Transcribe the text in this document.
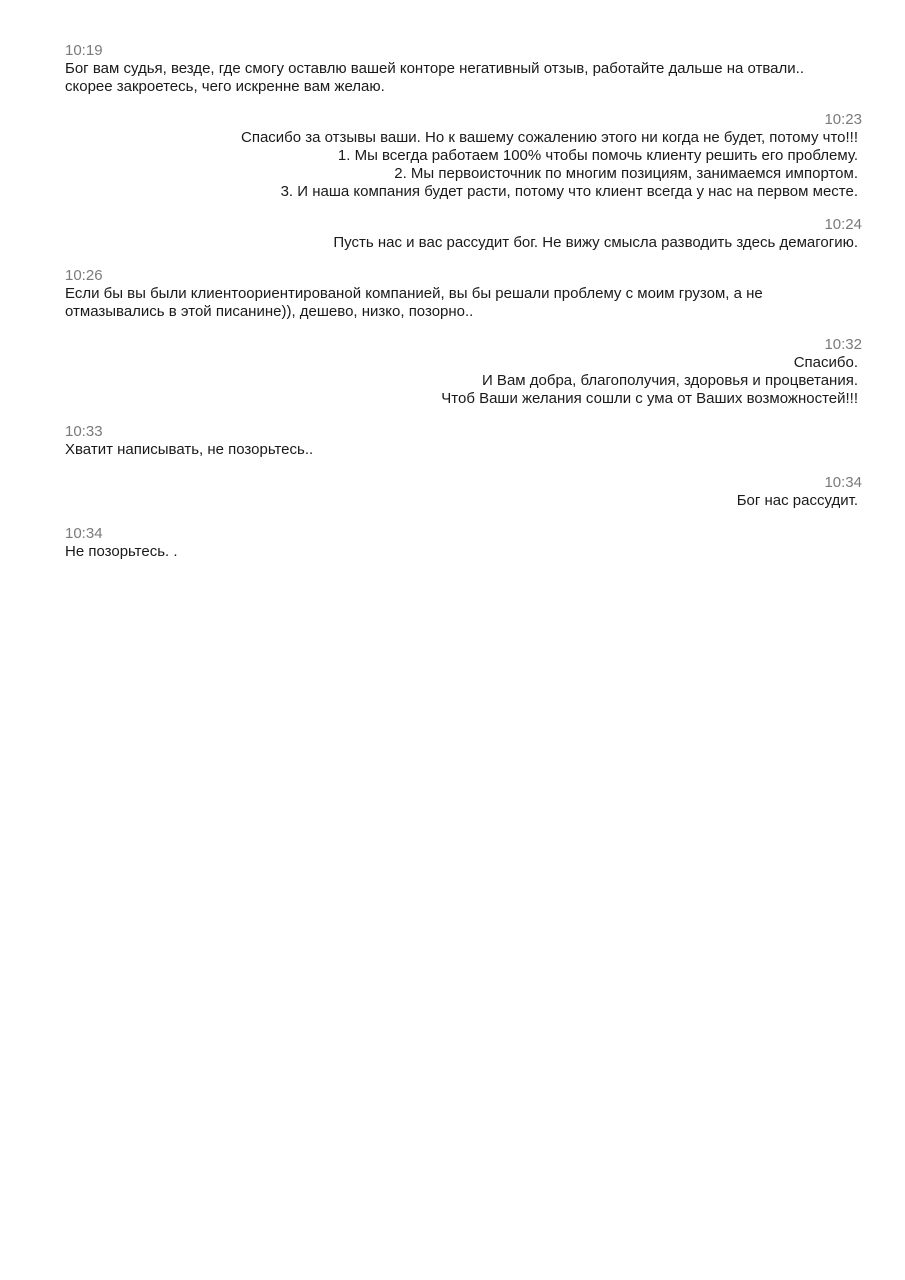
10:19
Бог вам судья, везде, где смогу оставлю вашей конторе негативный отзыв, работайте дальше на отвали..
скорее закроетесь, чего искренне вам желаю.
10:23
Спасибо за отзывы ваши. Но к вашему сожалению этого ни когда не будет, потому что!!!
1. Мы всегда работаем 100% чтобы помочь клиенту решить его проблему.
2. Мы первоисточник по многим позициям, занимаемся импортом.
3. И наша компания будет расти, потому что клиент всегда у нас на первом месте.
10:24
Пусть нас и вас рассудит бог. Не вижу смысла разводить здесь демагогию.
10:26
Если бы вы были клиентоориентированой компанией, вы бы решали проблему с моим грузом, а не
отмазывались в этой писанине)), дешево, низко, позорно..
10:32
Спасибо.
И Вам добра, благополучия, здоровья и процветания.
Чтоб Ваши желания сошли с ума от Ваших возможностей!!!
10:33
Хватит написывать, не позорьтесь..
10:34
Бог нас рассудит.
10:34
Не позорьтесь. .
